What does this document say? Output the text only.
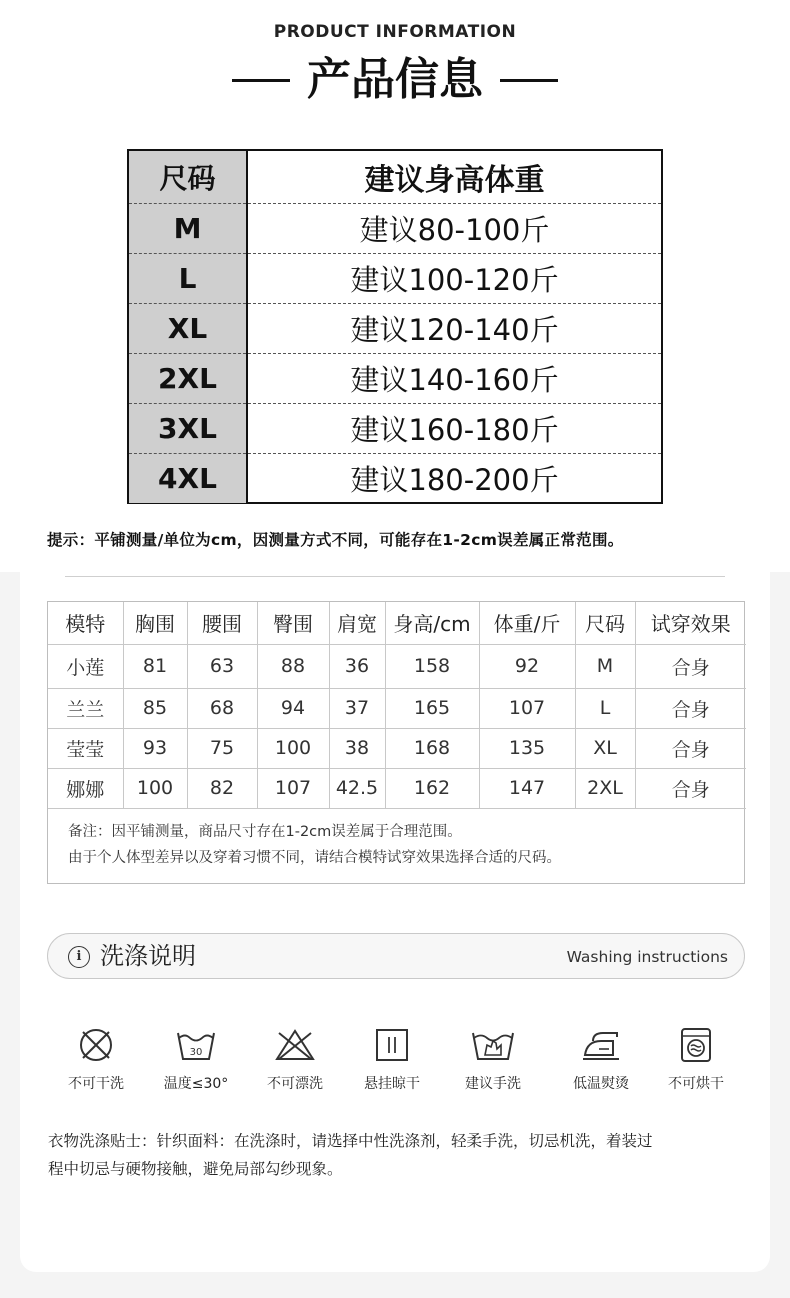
PRODUCT INFORMATION
产品信息
尺码	建议身高体重
M	建议80-100斤
L	建议100-120斤
XL	建议120-140斤
2XL	建议140-160斤
3XL	建议160-180斤
4XL	建议180-200斤
提示：平铺测量/单位为cm，因测量方式不同，可能存在1-2cm误差属正常范围。
模特	胸围	腰围	臀围	肩宽	身高/cm	体重/斤	尺码	试穿效果
小莲	81	63	88	36	158	92	M	合身
兰兰	85	68	94	37	165	107	L	合身
莹莹	93	75	100	38	168	135	XL	合身
娜娜	100	82	107	42.5	162	147	2XL	合身
备注：因平铺测量，商品尺寸存在1-2cm误差属于合理范围。
由于个人体型差异以及穿着习惯不同，请结合模特试穿效果选择合适的尺码。
i 洗涤说明	Washing instructions
不可干洗
30
温度≤30°	不可漂洗	悬挂晾干	建议手洗	低温熨烫	不可烘干
衣物洗涤贴士：针织面料：在洗涤时，请选择中性洗涤剂，轻柔手洗，切忌机洗，着装过
程中切忌与硬物接触，避免局部勾纱现象。
